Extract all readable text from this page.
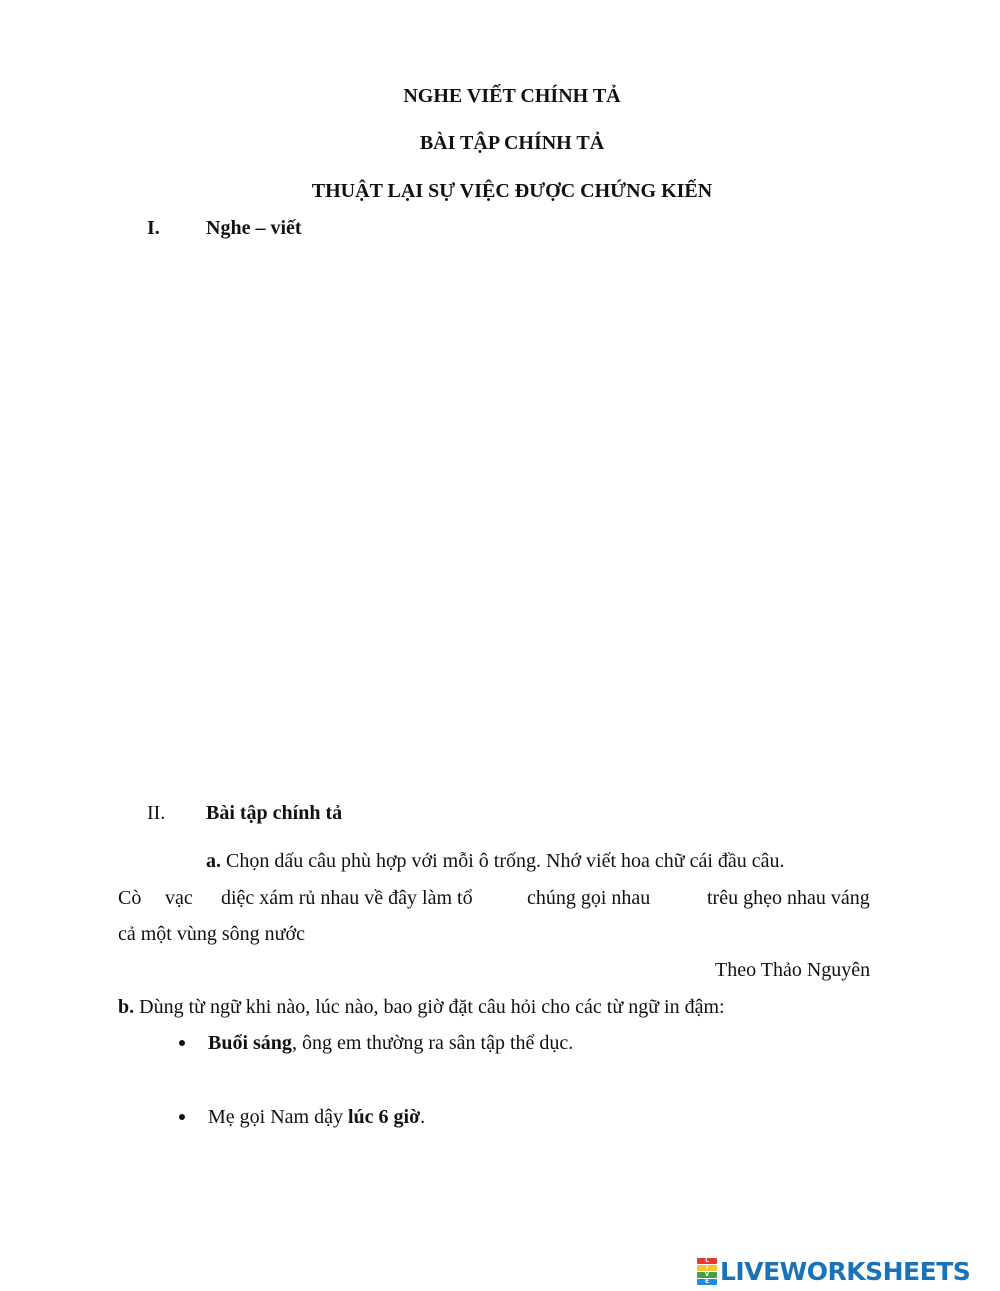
NGHE VIẾT CHÍNH TẢ
BÀI TẬP CHÍNH TẢ
THUẬT LẠI SỰ VIỆC ĐƯỢC CHỨNG KIẾN
I. Nghe – viết
II. Bài tập chính tả
a. Chọn dấu câu phù hợp với mỗi ô trống. Nhớ viết hoa chữ cái đầu câu.
Cò vạc diệc xám rủ nhau về đây làm tổ	chúng gọi nhau	trêu ghẹo nhau váng
cả một vùng sông nước
Theo Thảo Nguyên
b. Dùng từ ngữ khi nào, lúc nào, bao giờ đặt câu hỏi cho các từ ngữ in đậm:
Buổi sáng, ông em thường ra sân tập thể dục.
Mẹ gọi Nam dậy lúc 6 giờ.
L
I
V
E LIVEWORKSHEETS
